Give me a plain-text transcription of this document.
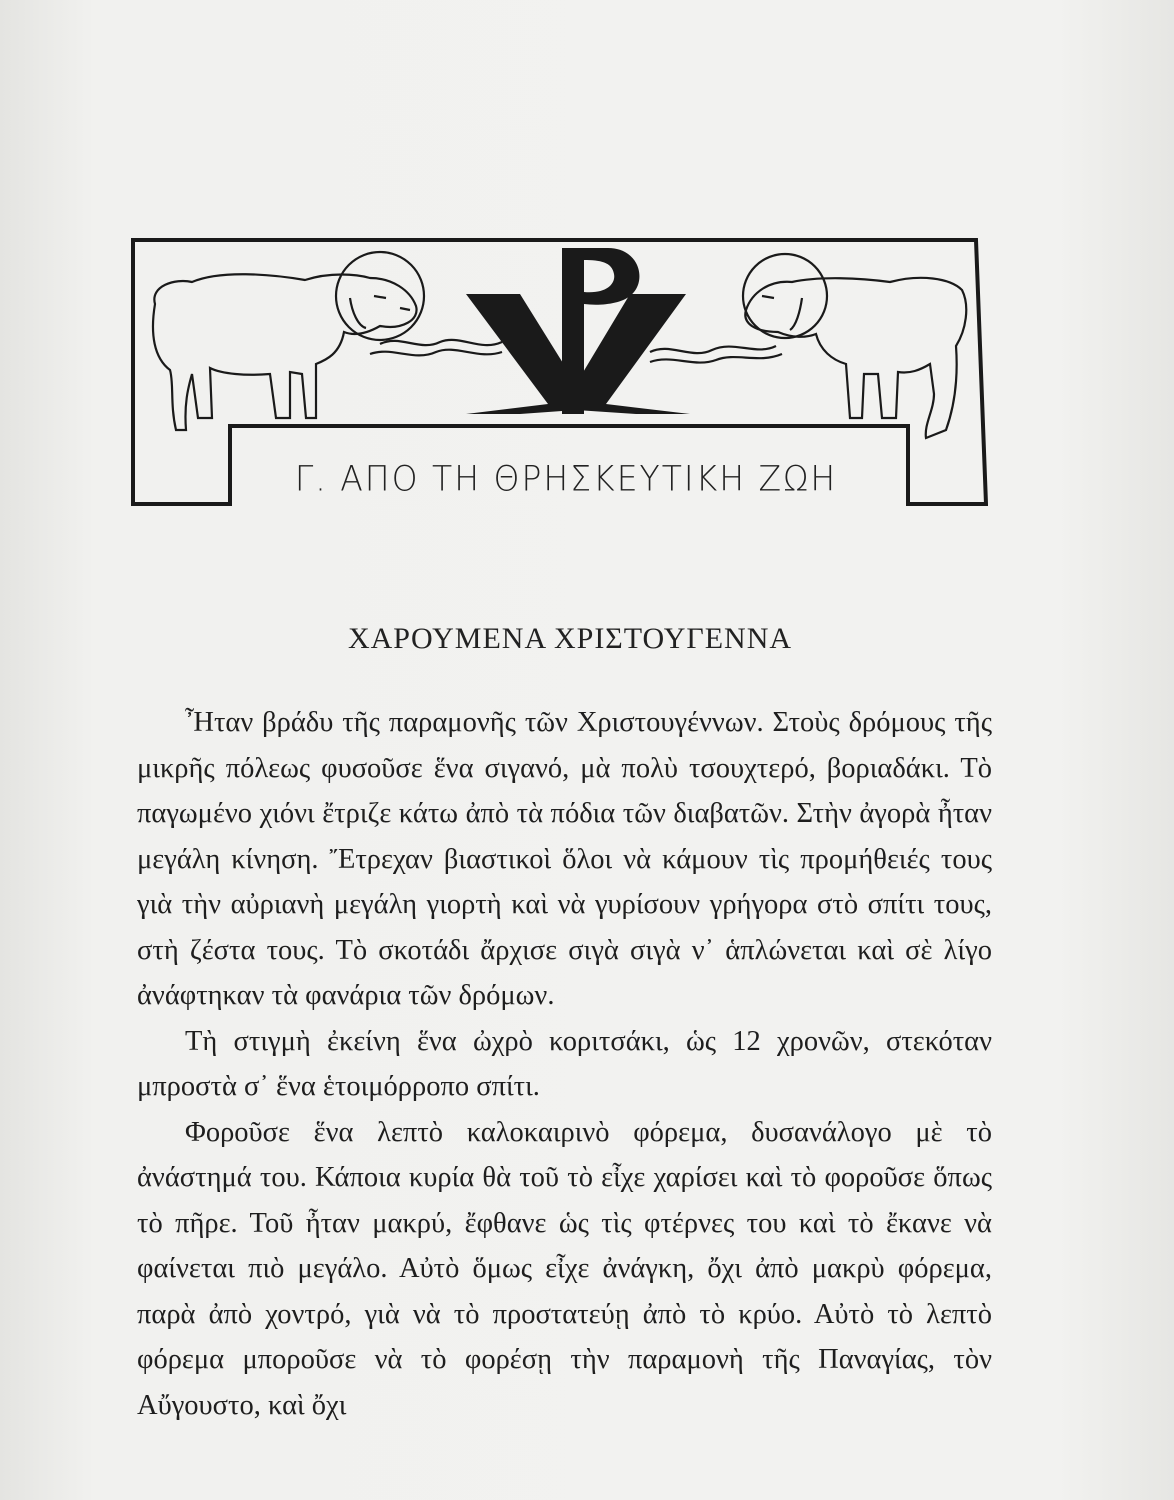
Γ. ΑΠΟ ΤΗ ΘΡΗΣΚΕΥΤΙΚΗ ΖΩΗ
ΧΑΡΟΥΜΕΝΑ ΧΡΙΣΤΟΥΓΕΝΝΑ

Ἦταν βράδυ τῆς παραμονῆς τῶν Χριστουγέννων. Στοὺς δρόμους τῆς μικρῆς πόλεως φυσοῦσε ἕνα σιγανό, μὰ πολὺ τσουχτερό, βοριαδάκι. Τὸ παγωμένο χιόνι ἔτριζε κάτω ἀπὸ τὰ πόδια τῶν διαβατῶν. Στὴν ἀγορὰ ἦταν μεγάλη κίνηση. Ἔτρεχαν βιαστικοὶ ὅλοι νὰ κάμουν τὶς προμήθειές τους γιὰ τὴν αὐριανὴ μεγάλη γιορτὴ καὶ νὰ γυρίσουν γρήγορα στὸ σπίτι τους, στὴ ζέστα τους. Τὸ σκοτάδι ἄρχισε σιγὰ σιγὰ ν᾽ ἁπλώνεται καὶ σὲ λίγο ἀνάφτηκαν τὰ φανάρια τῶν δρόμων.

Τὴ στιγμὴ ἐκείνη ἕνα ὠχρὸ κοριτσάκι, ὡς 12 χρονῶν, στεκόταν μπροστὰ σ᾽ ἕνα ἑτοιμόρροπο σπίτι.

Φοροῦσε ἕνα λεπτὸ καλοκαιρινὸ φόρεμα, δυσανάλογο μὲ τὸ ἀνάστημά του. Κάποια κυρία θὰ τοῦ τὸ εἶχε χαρίσει καὶ τὸ φοροῦσε ὅπως τὸ πῆρε. Τοῦ ἦταν μακρύ, ἔφθανε ὡς τὶς φτέρνες του καὶ τὸ ἔκανε νὰ φαίνεται πιὸ μεγάλο. Αὐτὸ ὅμως εἶχε ἀνάγκη, ὄχι ἀπὸ μακρὺ φόρεμα, παρὰ ἀπὸ χοντρό, γιὰ νὰ τὸ προστατεύῃ ἀπὸ τὸ κρύο. Αὐτὸ τὸ λεπτὸ φόρεμα μποροῦσε νὰ τὸ φορέσῃ τὴν παραμονὴ τῆς Παναγίας, τὸν Αὔγουστο, καὶ ὄχι
